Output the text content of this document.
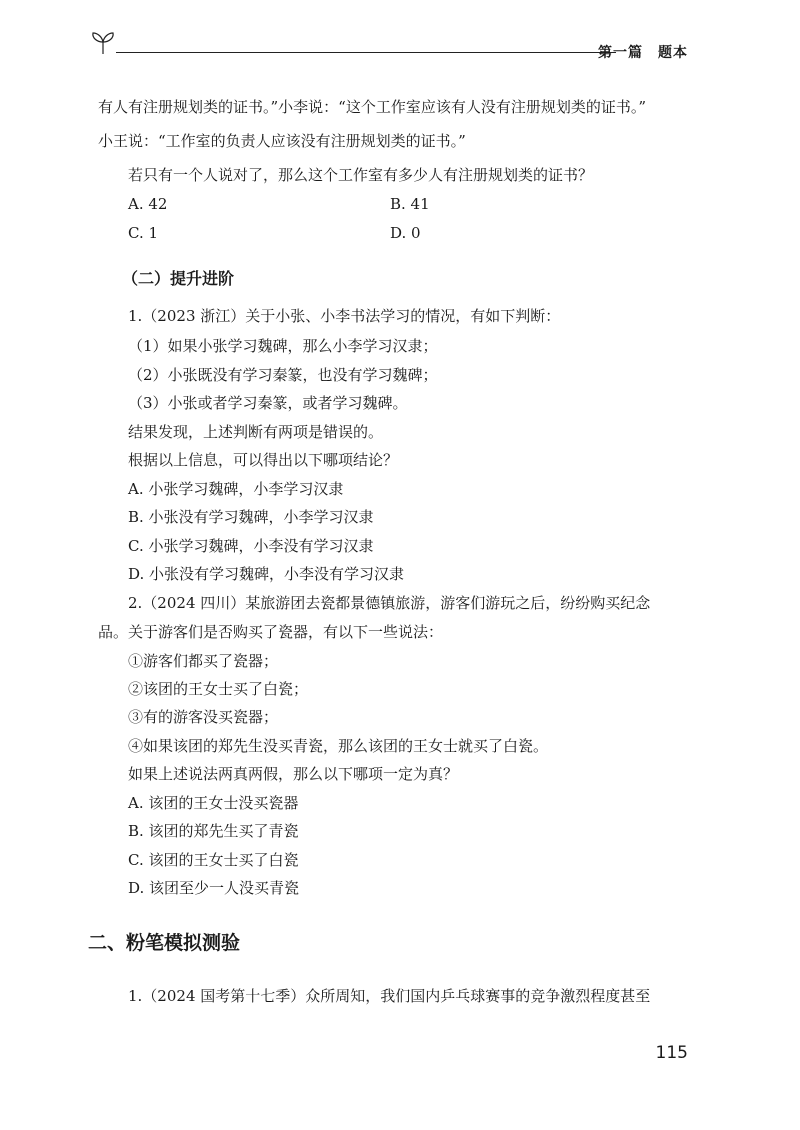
第一篇　题本
有人有注册规划类的证书。”小李说：“这个工作室应该有人没有注册规划类的证书。”
小王说：“工作室的负责人应该没有注册规划类的证书。”
若只有一个人说对了，那么这个工作室有多少人有注册规划类的证书？
A. 42	B. 41
C. 1	D. 0
（二）提升进阶
1.（2023 浙江）关于小张、小李书法学习的情况，有如下判断：
（1）如果小张学习魏碑，那么小李学习汉隶；
（2）小张既没有学习秦篆，也没有学习魏碑；
（3）小张或者学习秦篆，或者学习魏碑。
结果发现，上述判断有两项是错误的。
根据以上信息，可以得出以下哪项结论？
A. 小张学习魏碑，小李学习汉隶
B. 小张没有学习魏碑，小李学习汉隶
C. 小张学习魏碑，小李没有学习汉隶
D. 小张没有学习魏碑，小李没有学习汉隶
2.（2024 四川）某旅游团去瓷都景德镇旅游，游客们游玩之后，纷纷购买纪念
品。关于游客们是否购买了瓷器，有以下一些说法：
①游客们都买了瓷器；
②该团的王女士买了白瓷；
③有的游客没买瓷器；
④如果该团的郑先生没买青瓷，那么该团的王女士就买了白瓷。
如果上述说法两真两假，那么以下哪项一定为真？
A. 该团的王女士没买瓷器
B. 该团的郑先生买了青瓷
C. 该团的王女士买了白瓷
D. 该团至少一人没买青瓷
二、粉笔模拟测验
1.（2024 国考第十七季）众所周知，我们国内乒乓球赛事的竞争激烈程度甚至
115
